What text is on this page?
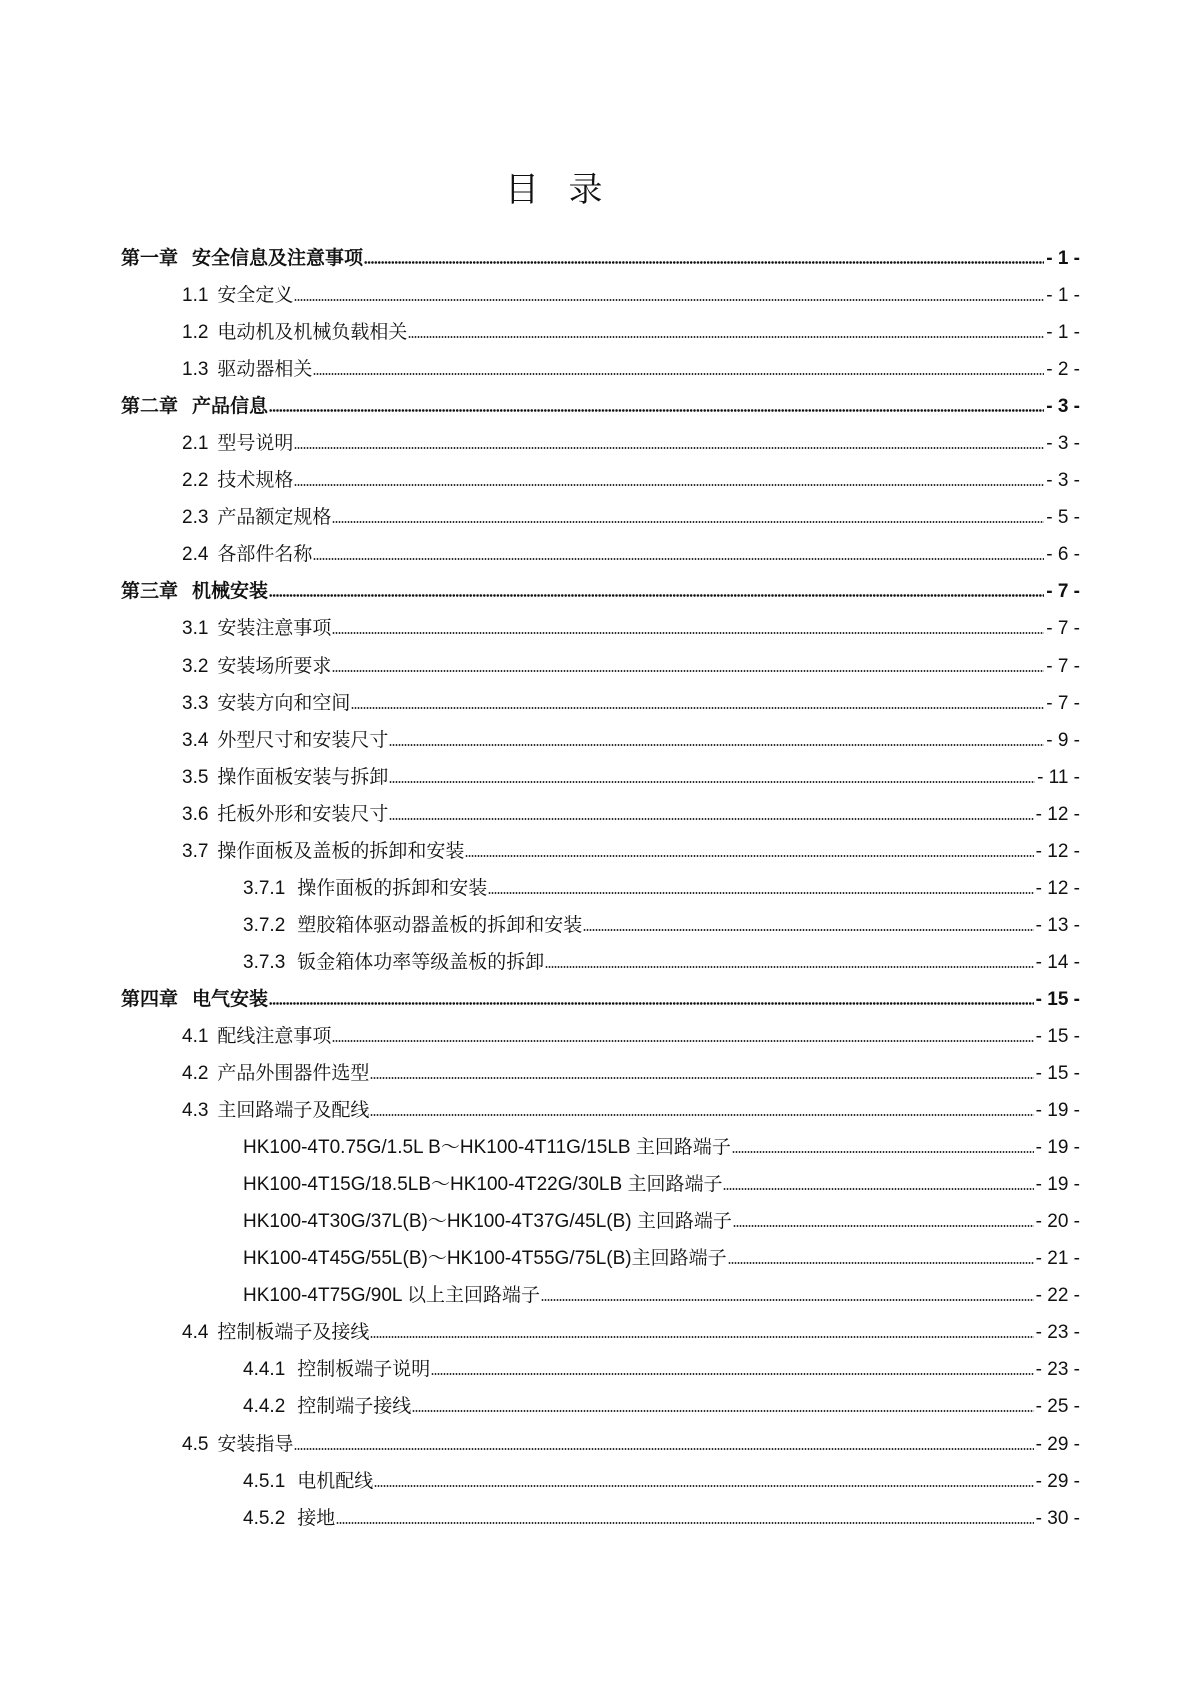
目 录
第一章 安全信息及注意事项	- 1 -
1.1 安全定义	- 1 -
1.2 电动机及机械负载相关	- 1 -
1.3 驱动器相关	- 2 -
第二章 产品信息	- 3 -
2.1 型号说明	- 3 -
2.2 技术规格	- 3 -
2.3 产品额定规格	- 5 -
2.4 各部件名称	- 6 -
第三章 机械安装	- 7 -
3.1 安装注意事项	- 7 -
3.2 安装场所要求	- 7 -
3.3 安装方向和空间	- 7 -
3.4 外型尺寸和安装尺寸	- 9 -
3.5 操作面板安装与拆卸	- 11 -
3.6 托板外形和安装尺寸	- 12 -
3.7 操作面板及盖板的拆卸和安装	- 12 -
3.7.1 操作面板的拆卸和安装	- 12 -
3.7.2 塑胶箱体驱动器盖板的拆卸和安装	- 13 -
3.7.3 钣金箱体功率等级盖板的拆卸	- 14 -
第四章 电气安装	- 15 -
4.1 配线注意事项	- 15 -
4.2 产品外围器件选型	- 15 -
4.3 主回路端子及配线	- 19 -
HK100-4T0.75G/1.5L B～HK100-4T11G/15LB 主回路端子	- 19 -
HK100-4T15G/18.5LB～HK100-4T22G/30LB 主回路端子	- 19 -
HK100-4T30G/37L(B)～HK100-4T37G/45L(B) 主回路端子	- 20 -
HK100-4T45G/55L(B)～HK100-4T55G/75L(B)主回路端子	- 21 -
HK100-4T75G/90L 以上主回路端子	- 22 -
4.4 控制板端子及接线	- 23 -
4.4.1 控制板端子说明	- 23 -
4.4.2 控制端子接线	- 25 -
4.5 安装指导	- 29 -
4.5.1 电机配线	- 29 -
4.5.2 接地	- 30 -
